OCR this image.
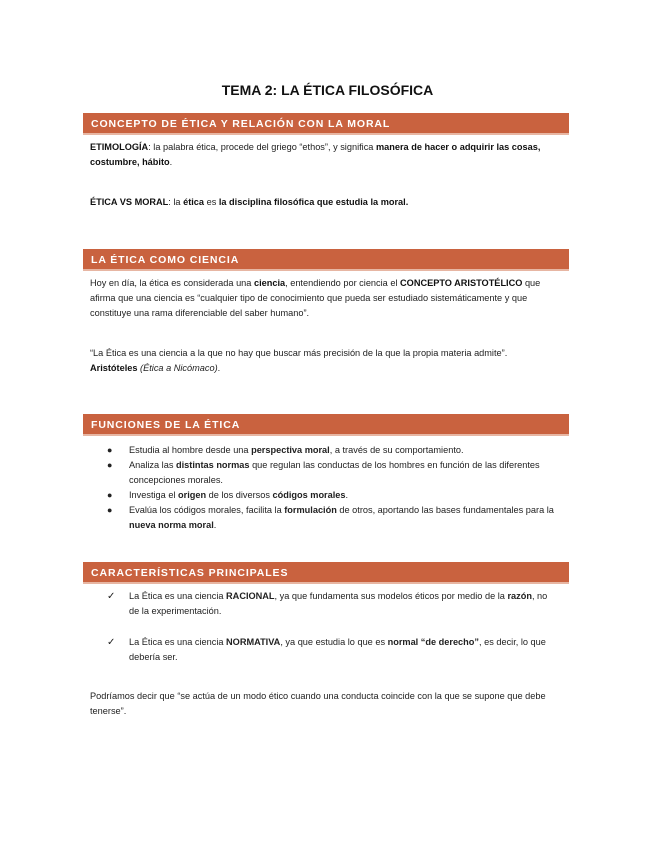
TEMA 2: LA ÉTICA FILOSÓFICA
CONCEPTO DE ÉTICA Y RELACIÓN CON LA MORAL
ETIMOLOGÍA: la palabra ética, procede del griego “ethos”, y significa manera de hacer o adquirir las cosas, costumbre, hábito.
ÉTICA VS MORAL: la ética es la disciplina filosófica que estudia la moral.
LA ÉTICA COMO CIENCIA
Hoy en día, la ética es considerada una ciencia, entendiendo por ciencia el CONCEPTO ARISTOTÉLICO que afirma que una ciencia es “cualquier tipo de conocimiento que pueda ser estudiado sistemáticamente y que constituye una rama diferenciable del saber humano”.
“La Ética es una ciencia a la que no hay que buscar más precisión de la que la propia materia admite”. Aristóteles (Ética a Nicómaco).
FUNCIONES DE LA ÉTICA
● Estudia al hombre desde una perspectiva moral, a través de su comportamiento.
● Analiza las distintas normas que regulan las conductas de los hombres en función de las diferentes concepciones morales.
● Investiga el origen de los diversos códigos morales.
● Evalúa los códigos morales, facilita la formulación de otros, aportando las bases fundamentales para la nueva norma moral.
CARACTERÍSTICAS PRINCIPALES
✓ La Ética es una ciencia RACIONAL, ya que fundamenta sus modelos éticos por medio de la razón, no de la experimentación.
✓ La Ética es una ciencia NORMATIVA, ya que estudia lo que es normal “de derecho”, es decir, lo que debería ser.
Podríamos decir que “se actúa de un modo ético cuando una conducta coincide con la que se supone que debe tenerse”.
